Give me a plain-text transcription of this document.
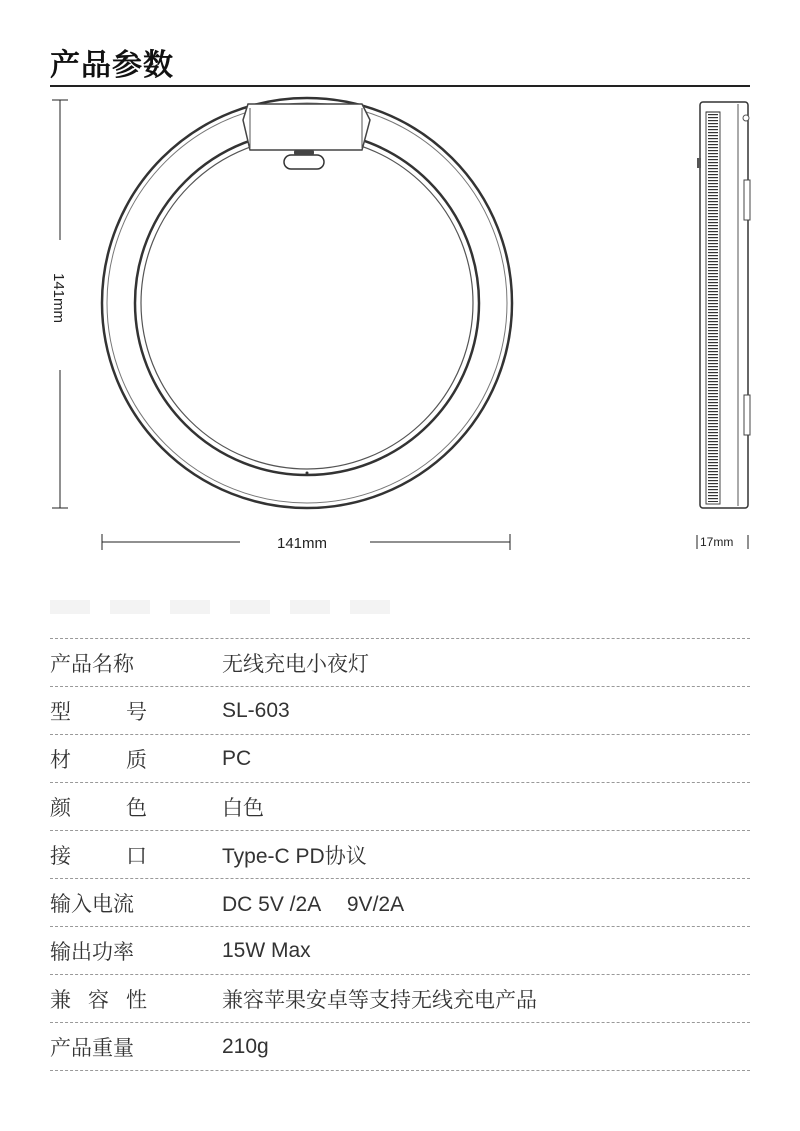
产品参数
141mm
141mm	17mm
产品名称	无线充电小夜灯
型号 SL-603
材质 PC
颜色 白色
接口 Type-C PD协议
输入电流	DC 5V /2A　 9V/2A
输出功率	15W Max
兼容性	兼容苹果安卓等支持无线充电产品
产品重量	210g
